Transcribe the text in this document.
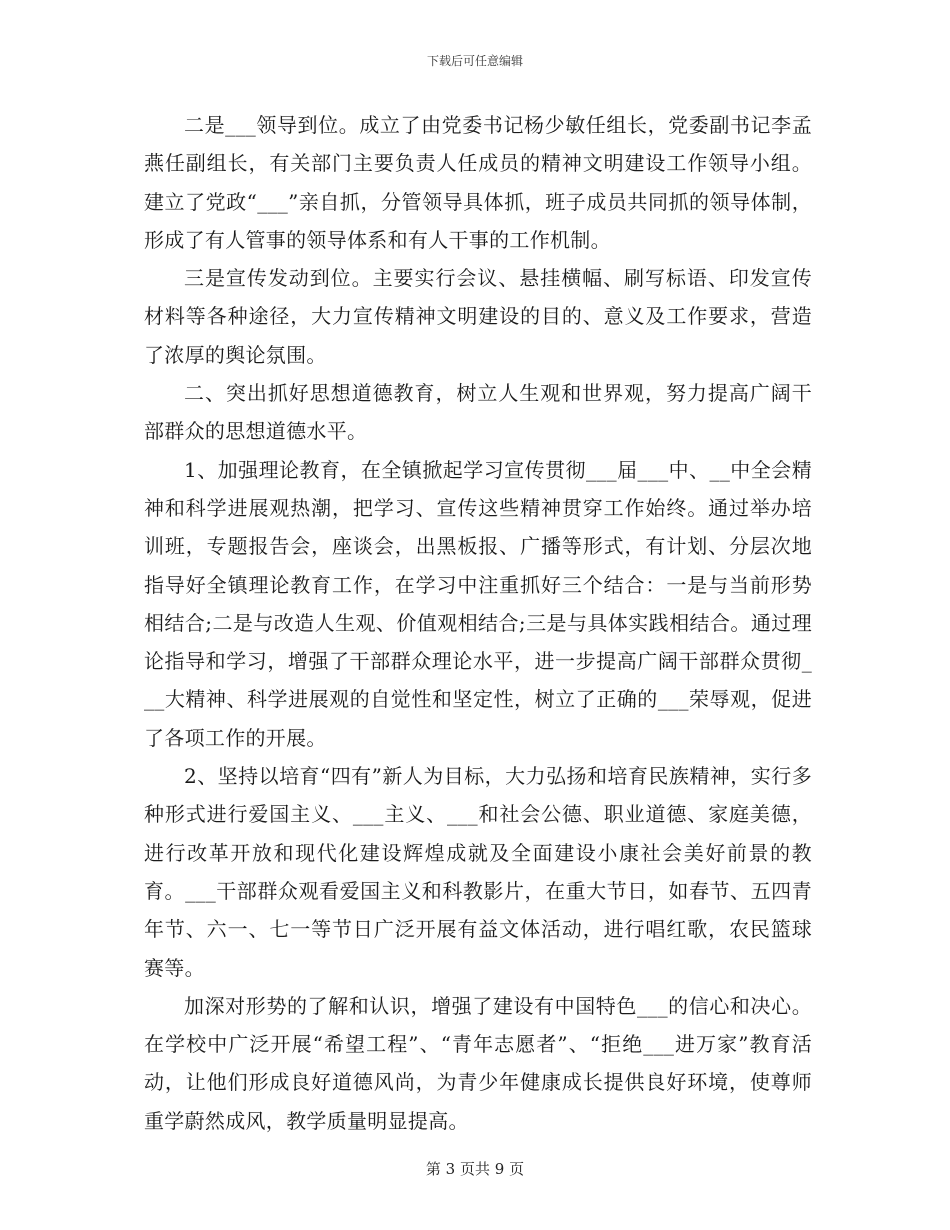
下载后可任意编辑

二是___领导到位。成立了由党委书记杨少敏任组长，党委副书记李孟燕任副组长，有关部门主要负责人任成员的精神文明建设工作领导小组。建立了党政“___”亲自抓，分管领导具体抓，班子成员共同抓的领导体制，形成了有人管事的领导体系和有人干事的工作机制。

三是宣传发动到位。主要实行会议、悬挂横幅、刷写标语、印发宣传材料等各种途径，大力宣传精神文明建设的目的、意义及工作要求，营造了浓厚的舆论氛围。

二、突出抓好思想道德教育，树立人生观和世界观，努力提高广阔干部群众的思想道德水平。

1、加强理论教育，在全镇掀起学习宣传贯彻___届___中、__中全会精神和科学进展观热潮，把学习、宣传这些精神贯穿工作始终。通过举办培训班，专题报告会，座谈会，出黑板报、广播等形式，有计划、分层次地指导好全镇理论教育工作，在学习中注重抓好三个结合：一是与当前形势相结合;二是与改造人生观、价值观相结合;三是与具体实践相结合。通过理论指导和学习，增强了干部群众理论水平，进一步提高广阔干部群众贯彻___大精神、科学进展观的自觉性和坚定性，树立了正确的___荣辱观，促进了各项工作的开展。

2、坚持以培育“四有”新人为目标，大力弘扬和培育民族精神，实行多种形式进行爱国主义、___主义、___和社会公德、职业道德、家庭美德，进行改革开放和现代化建设辉煌成就及全面建设小康社会美好前景的教育。___干部群众观看爱国主义和科教影片，在重大节日，如春节、五四青年节、六一、七一等节日广泛开展有益文体活动，进行唱红歌，农民篮球赛等。

加深对形势的了解和认识，增强了建设有中国特色___的信心和决心。在学校中广泛开展“希望工程”、“青年志愿者”、“拒绝___进万家”教育活动，让他们形成良好道德风尚，为青少年健康成长提供良好环境，使尊师重学蔚然成风，教学质量明显提高。

第 3 页共 9 页
